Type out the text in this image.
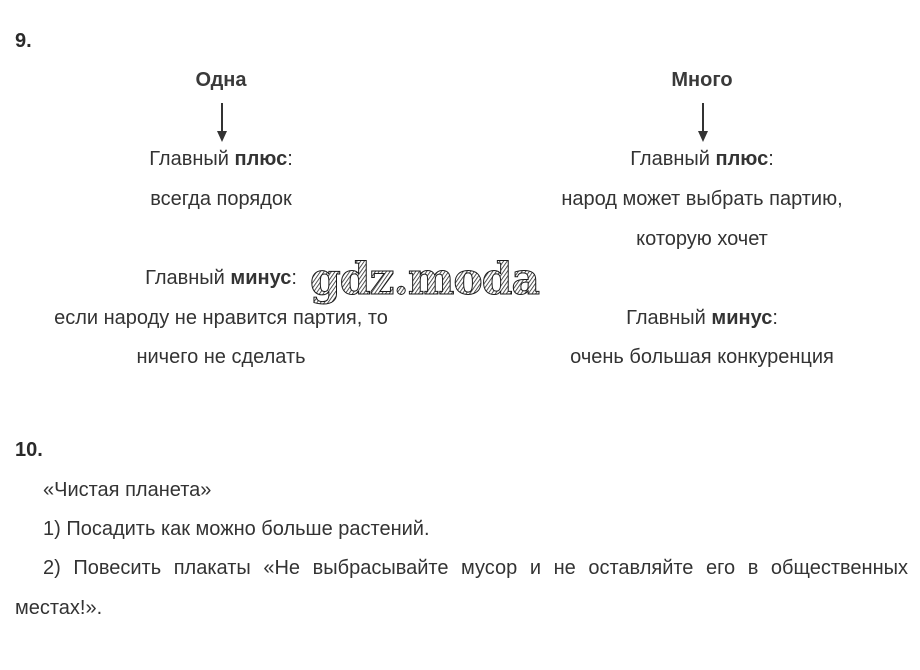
9.
Одна
Главный плюс:
всегда порядок
Главный минус:
если народу не нравится партия, то
ничего не сделать
Много
Главный плюс:
народ может выбрать партию,
которую хочет
Главный минус:
очень большая конкуренция
gdz.moda
10.
«Чистая планета»
1) Посадить как можно больше растений.
2) Повесить плакаты «Не выбрасывайте мусор и не оставляйте его в общественных местах!».
